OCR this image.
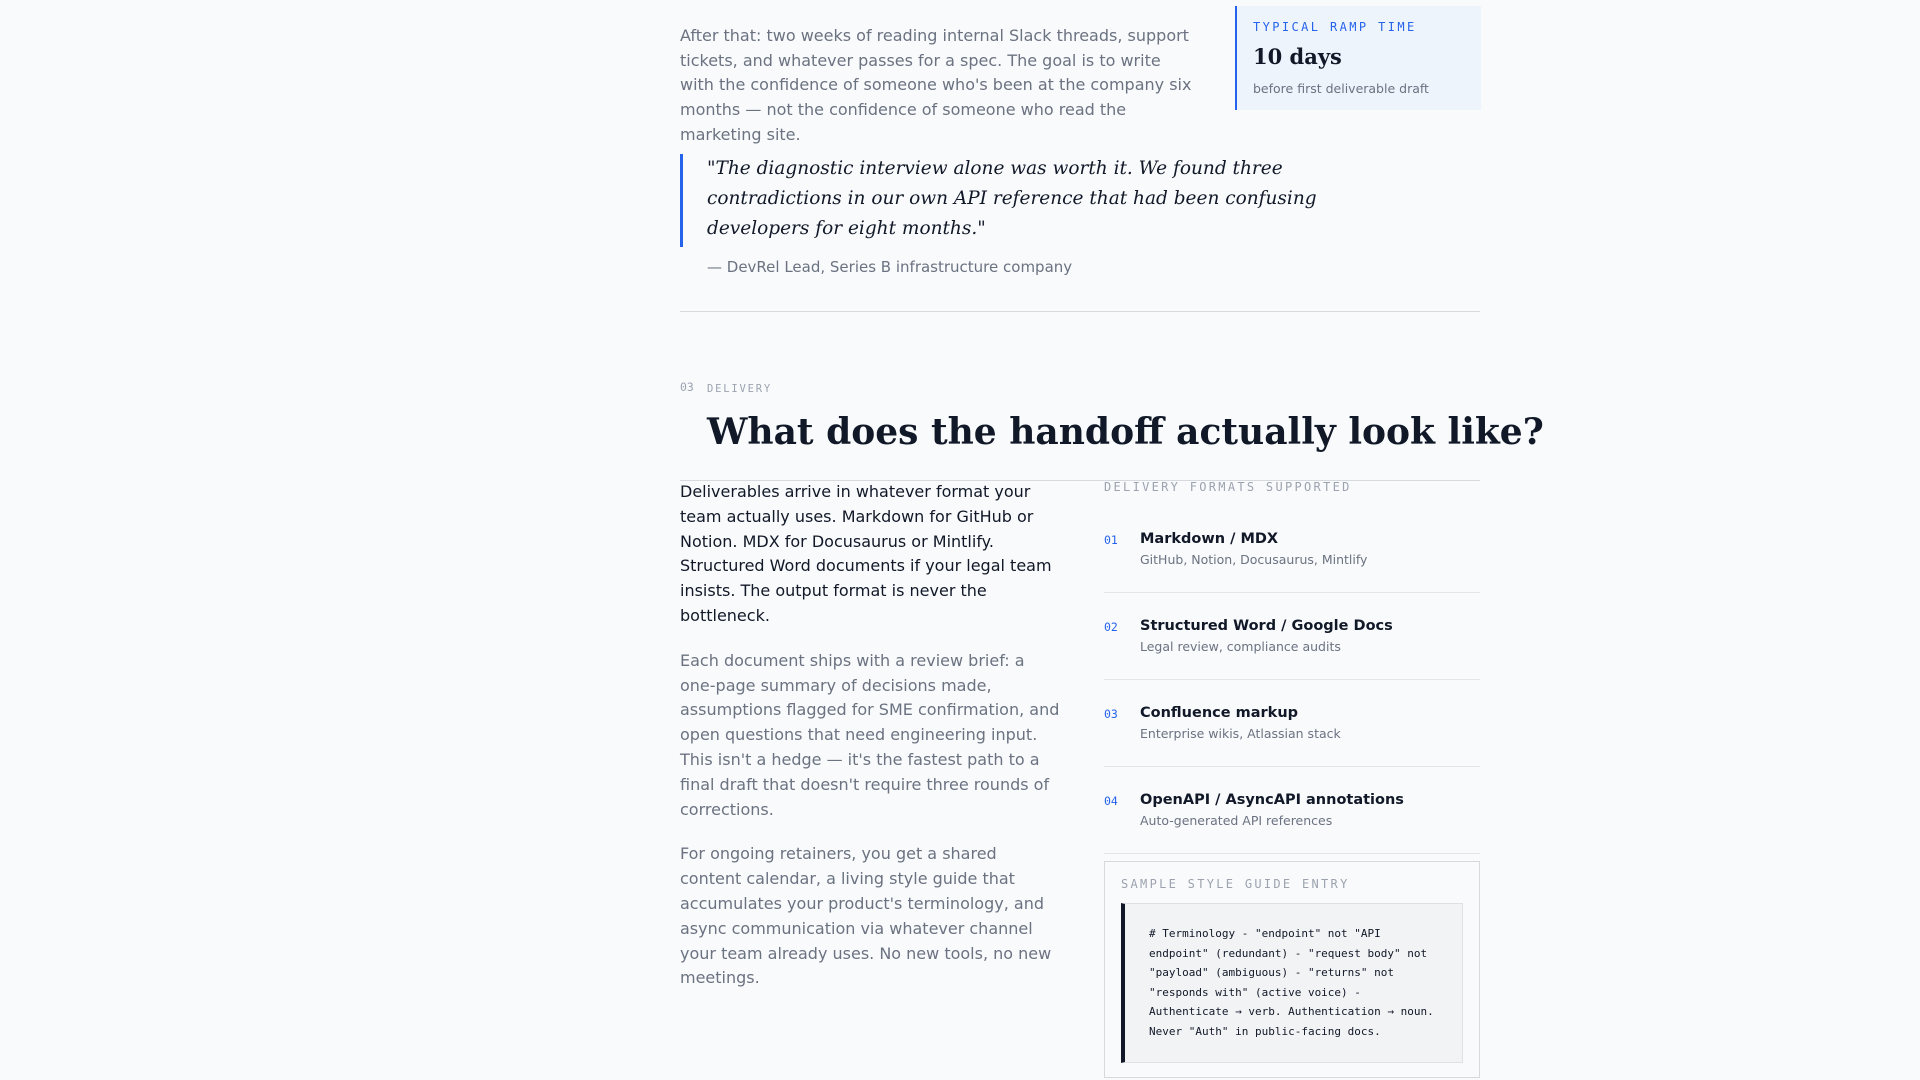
After that: two weeks of reading internal Slack threads, support tickets, and whatever passes for a spec. The goal is to write with the confidence of someone who's been at the company six months — not the confidence of someone who read the marketing site.

TYPICAL RAMP TIME
10 days
before first deliverable draft

"The diagnostic interview alone was worth it. We found three contradictions in our own API reference that had been confusing developers for eight months."

— DevRel Lead, Series B infrastructure company

03 DELIVERY
What does the handoff actually look like?

Deliverables arrive in whatever format your team actually uses. Markdown for GitHub or Notion. MDX for Docusaurus or Mintlify. Structured Word documents if your legal team insists. The output format is never the bottleneck.

Each document ships with a review brief: a one-page summary of decisions made, assumptions flagged for SME confirmation, and open questions that need engineering input. This isn't a hedge — it's the fastest path to a final draft that doesn't require three rounds of corrections.

For ongoing retainers, you get a shared content calendar, a living style guide that accumulates your product's terminology, and async communication via whatever channel your team already uses. No new tools, no new meetings.

DELIVERY FORMATS SUPPORTED
01 Markdown / MDX
GitHub, Notion, Docusaurus, Mintlify
02 Structured Word / Google Docs
Legal review, compliance audits
03 Confluence markup
Enterprise wikis, Atlassian stack
04 OpenAPI / AsyncAPI annotations
Auto-generated API references
SAMPLE STYLE GUIDE ENTRY
# Terminology - "endpoint" not "API endpoint" (redundant) - "request body" not "payload" (ambiguous) - "returns" not "responds with" (active voice) - Authenticate → verb. Authentication → noun. Never "Auth" in public-facing docs.
